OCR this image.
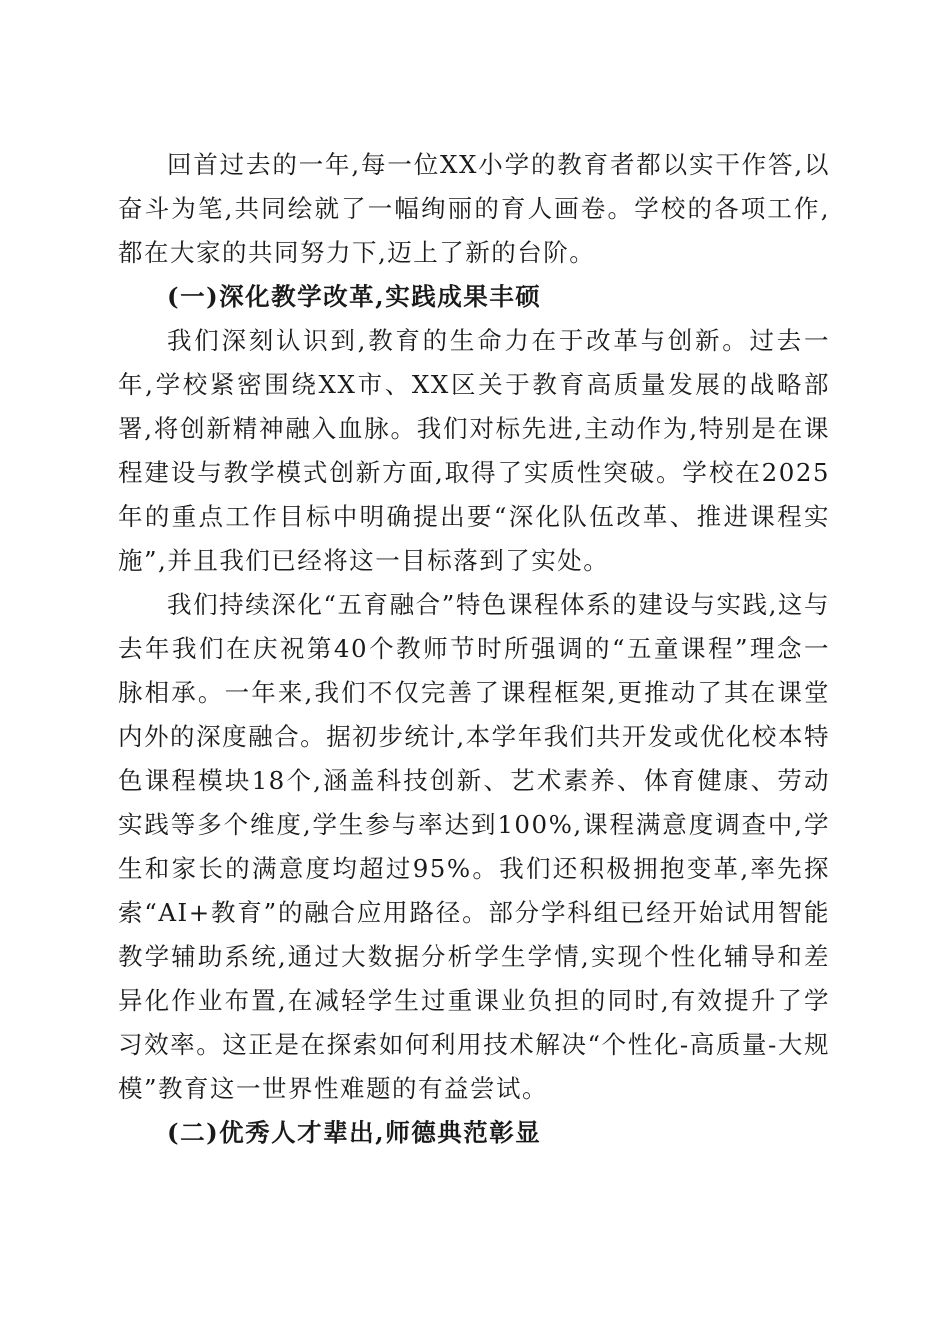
回首过去的一年,每一位XX小学的教育者都以实干作答,以奋斗为笔,共同绘就了一幅绚丽的育人画卷。学校的各项工作,都在大家的共同努力下,迈上了新的台阶。

(一)深化教学改革,实践成果丰硕

我们深刻认识到,教育的生命力在于改革与创新。过去一年,学校紧密围绕XX市、XX区关于教育高质量发展的战略部署,将创新精神融入血脉。我们对标先进,主动作为,特别是在课程建设与教学模式创新方面,取得了实质性突破。学校在2025年的重点工作目标中明确提出要“深化队伍改革、推进课程实施”,并且我们已经将这一目标落到了实处。

我们持续深化“五育融合”特色课程体系的建设与实践,这与去年我们在庆祝第40个教师节时所强调的“五童课程”理念一脉相承。一年来,我们不仅完善了课程框架,更推动了其在课堂内外的深度融合。据初步统计,本学年我们共开发或优化校本特色课程模块18个,涵盖科技创新、艺术素养、体育健康、劳动实践等多个维度,学生参与率达到100%,课程满意度调查中,学生和家长的满意度均超过95%。我们还积极拥抱变革,率先探索“AI+教育”的融合应用路径。部分学科组已经开始试用智能教学辅助系统,通过大数据分析学生学情,实现个性化辅导和差异化作业布置,在减轻学生过重课业负担的同时,有效提升了学习效率。这正是在探索如何利用技术解决“个性化-高质量-大规模”教育这一世界性难题的有益尝试。

(二)优秀人才辈出,师德典范彰显
